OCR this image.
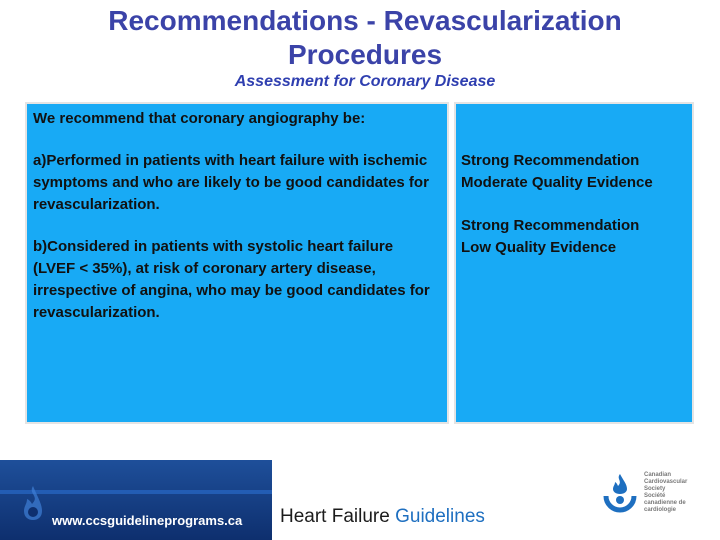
Recommendations - Revascularization
Procedures
Assessment for Coronary Disease
We recommend that coronary angiography be:
a)Performed in patients with heart failure with ischemic symptoms and who are likely to be good candidates for revascularization.
b)Considered in patients with systolic heart failure (LVEF < 35%), at risk of coronary artery disease, irrespective of angina, who may be good candidates for revascularization.
Strong Recommendation
Moderate Quality Evidence
Strong Recommendation
Low Quality Evidence
www.ccsguidelineprograms.ca Heart Failure Guidelines
Canadian
Cardiovascular
Society
Société
canadienne de
cardiologie
